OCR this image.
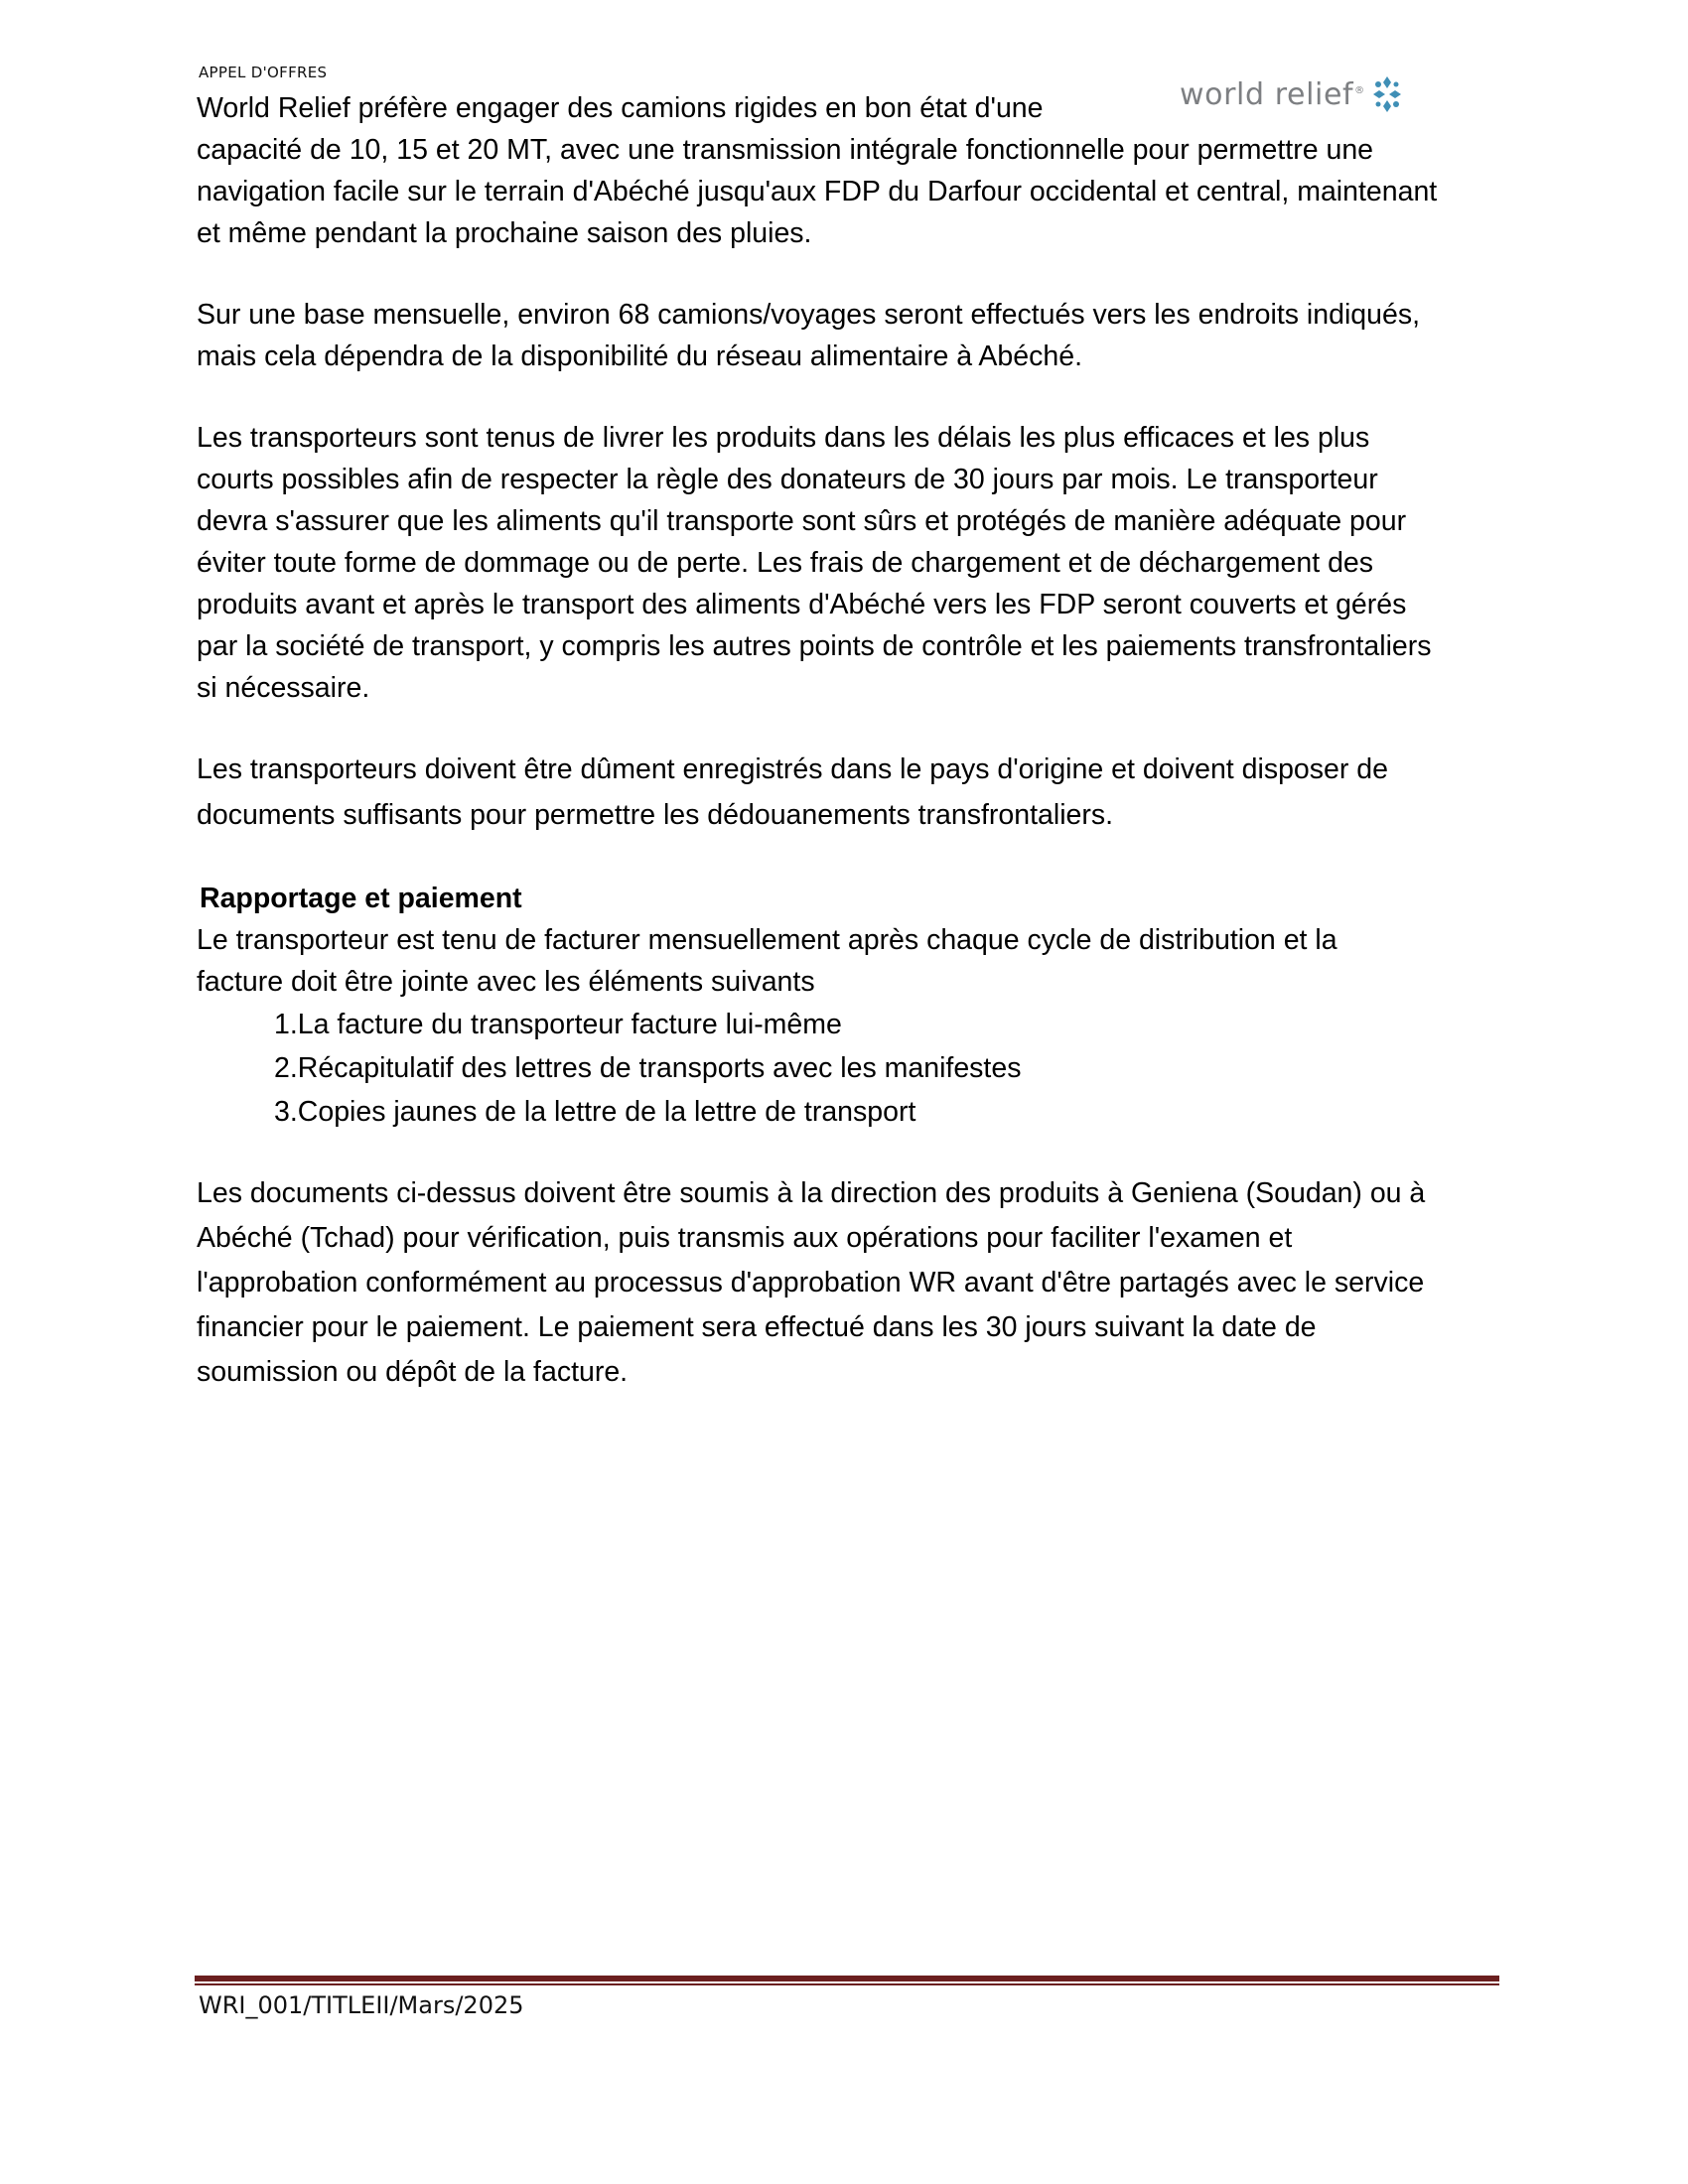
APPEL D'OFFRES
world relief®
World Relief préfère engager des camions rigides en bon état d'une
capacité de 10, 15 et 20 MT, avec une transmission intégrale fonctionnelle pour permettre une
navigation facile sur le terrain d'Abéché jusqu'aux FDP du Darfour occidental et central, maintenant
et même pendant la prochaine saison des pluies.
Sur une base mensuelle, environ 68 camions/voyages seront effectués vers les endroits indiqués,
mais cela dépendra de la disponibilité du réseau alimentaire à Abéché.
Les transporteurs sont tenus de livrer les produits dans les délais les plus efficaces et les plus
courts possibles afin de respecter la règle des donateurs de 30 jours par mois. Le transporteur
devra s'assurer que les aliments qu'il transporte sont sûrs et protégés de manière adéquate pour
éviter toute forme de dommage ou de perte. Les frais de chargement et de déchargement des
produits avant et après le transport des aliments d'Abéché vers les FDP seront couverts et gérés
par la société de transport, y compris les autres points de contrôle et les paiements transfrontaliers
si nécessaire.
Les transporteurs doivent être dûment enregistrés dans le pays d'origine et doivent disposer de
documents suffisants pour permettre les dédouanements transfrontaliers.
Rapportage et paiement
Le transporteur est tenu de facturer mensuellement après chaque cycle de distribution et la
facture doit être jointe avec les éléments suivants
1.La facture du transporteur facture lui-même
2.Récapitulatif des lettres de transports avec les manifestes
3.Copies jaunes de la lettre de la lettre de transport
Les documents ci-dessus doivent être soumis à la direction des produits à Geniena (Soudan) ou à
Abéché (Tchad) pour vérification, puis transmis aux opérations pour faciliter l'examen et
l'approbation conformément au processus d'approbation WR avant d'être partagés avec le service
financier pour le paiement. Le paiement sera effectué dans les 30 jours suivant la date de
soumission ou dépôt de la facture.
WRI_001/TITLEII/Mars/2025
